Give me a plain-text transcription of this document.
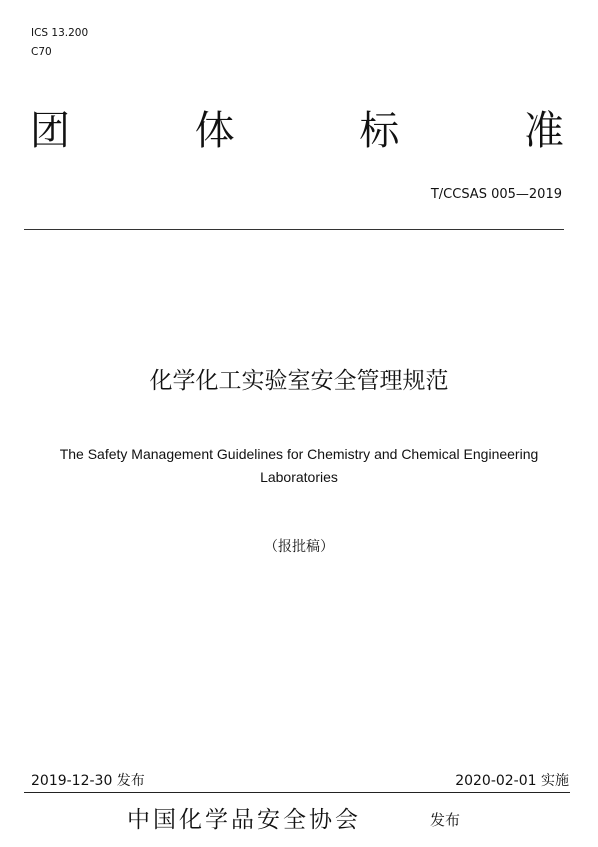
ICS 13.200
C70
团	体	标	准
T/CCSAS 005—2019
化学化工实验室安全管理规范
The Safety Management Guidelines for Chemistry and Chemical Engineering
Laboratories
（报批稿）
2019-12-30 发布	2020-02-01 实施
中国化学品安全协会	发布
